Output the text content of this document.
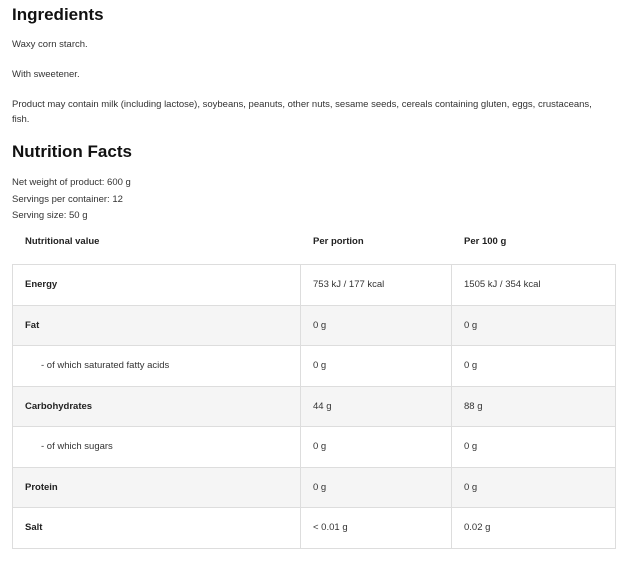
Ingredients

Waxy corn starch.

With sweetener.

Product may contain milk (including lactose), soybeans, peanuts, other nuts, sesame seeds, cereals containing gluten, eggs, crustaceans, fish.

Nutrition Facts
Net weight of product: 600 g
Servings per container: 12
Serving size: 50 g
Nutritional value	Per portion	Per 100 g
Energy	753 kJ / 177 kcal	1505 kJ / 354 kcal
Fat	0 g	0 g
- of which saturated fatty acids	0 g	0 g
Carbohydrates	44 g	88 g
- of which sugars	0 g	0 g
Protein	0 g	0 g
Salt	< 0.01 g	0.02 g
